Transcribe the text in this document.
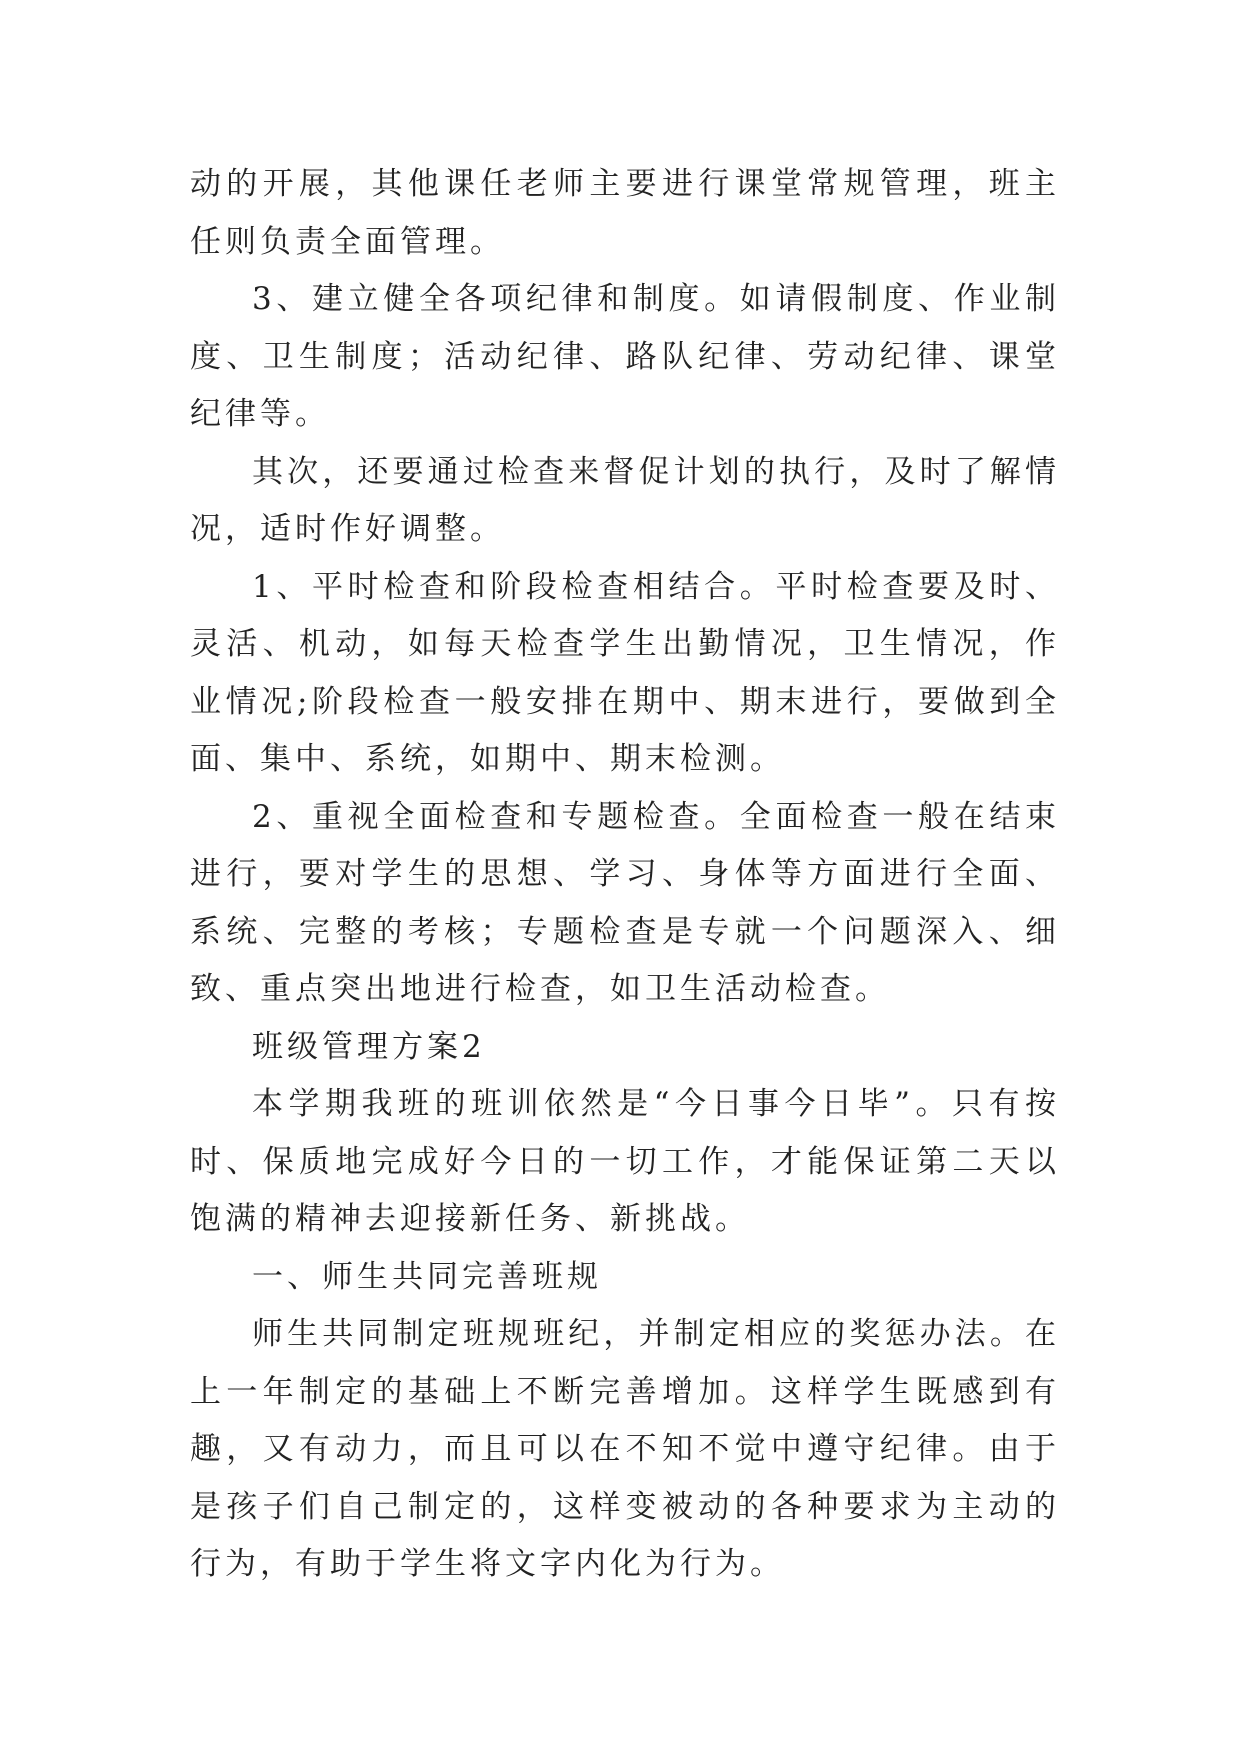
动的开展，其他课任老师主要进行课堂常规管理，班主任则负责全面管理。

3、建立健全各项纪律和制度。如请假制度、作业制度、卫生制度；活动纪律、路队纪律、劳动纪律、课堂纪律等。

其次，还要通过检查来督促计划的执行，及时了解情况，适时作好调整。

1、平时检查和阶段检查相结合。平时检查要及时、灵活、机动，如每天检查学生出勤情况，卫生情况，作业情况;阶段检查一般安排在期中、期末进行，要做到全面、集中、系统，如期中、期末检测。

2、重视全面检查和专题检查。全面检查一般在结束进行，要对学生的思想、学习、身体等方面进行全面、系统、完整的考核；专题检查是专就一个问题深入、细致、重点突出地进行检查，如卫生活动检查。

班级管理方案2

本学期我班的班训依然是“今日事今日毕”。只有按时、保质地完成好今日的一切工作，才能保证第二天以饱满的精神去迎接新任务、新挑战。

一、师生共同完善班规

师生共同制定班规班纪，并制定相应的奖惩办法。在上一年制定的基础上不断完善增加。这样学生既感到有趣，又有动力，而且可以在不知不觉中遵守纪律。由于是孩子们自己制定的，这样变被动的各种要求为主动的行为，有助于学生将文字内化为行为。
